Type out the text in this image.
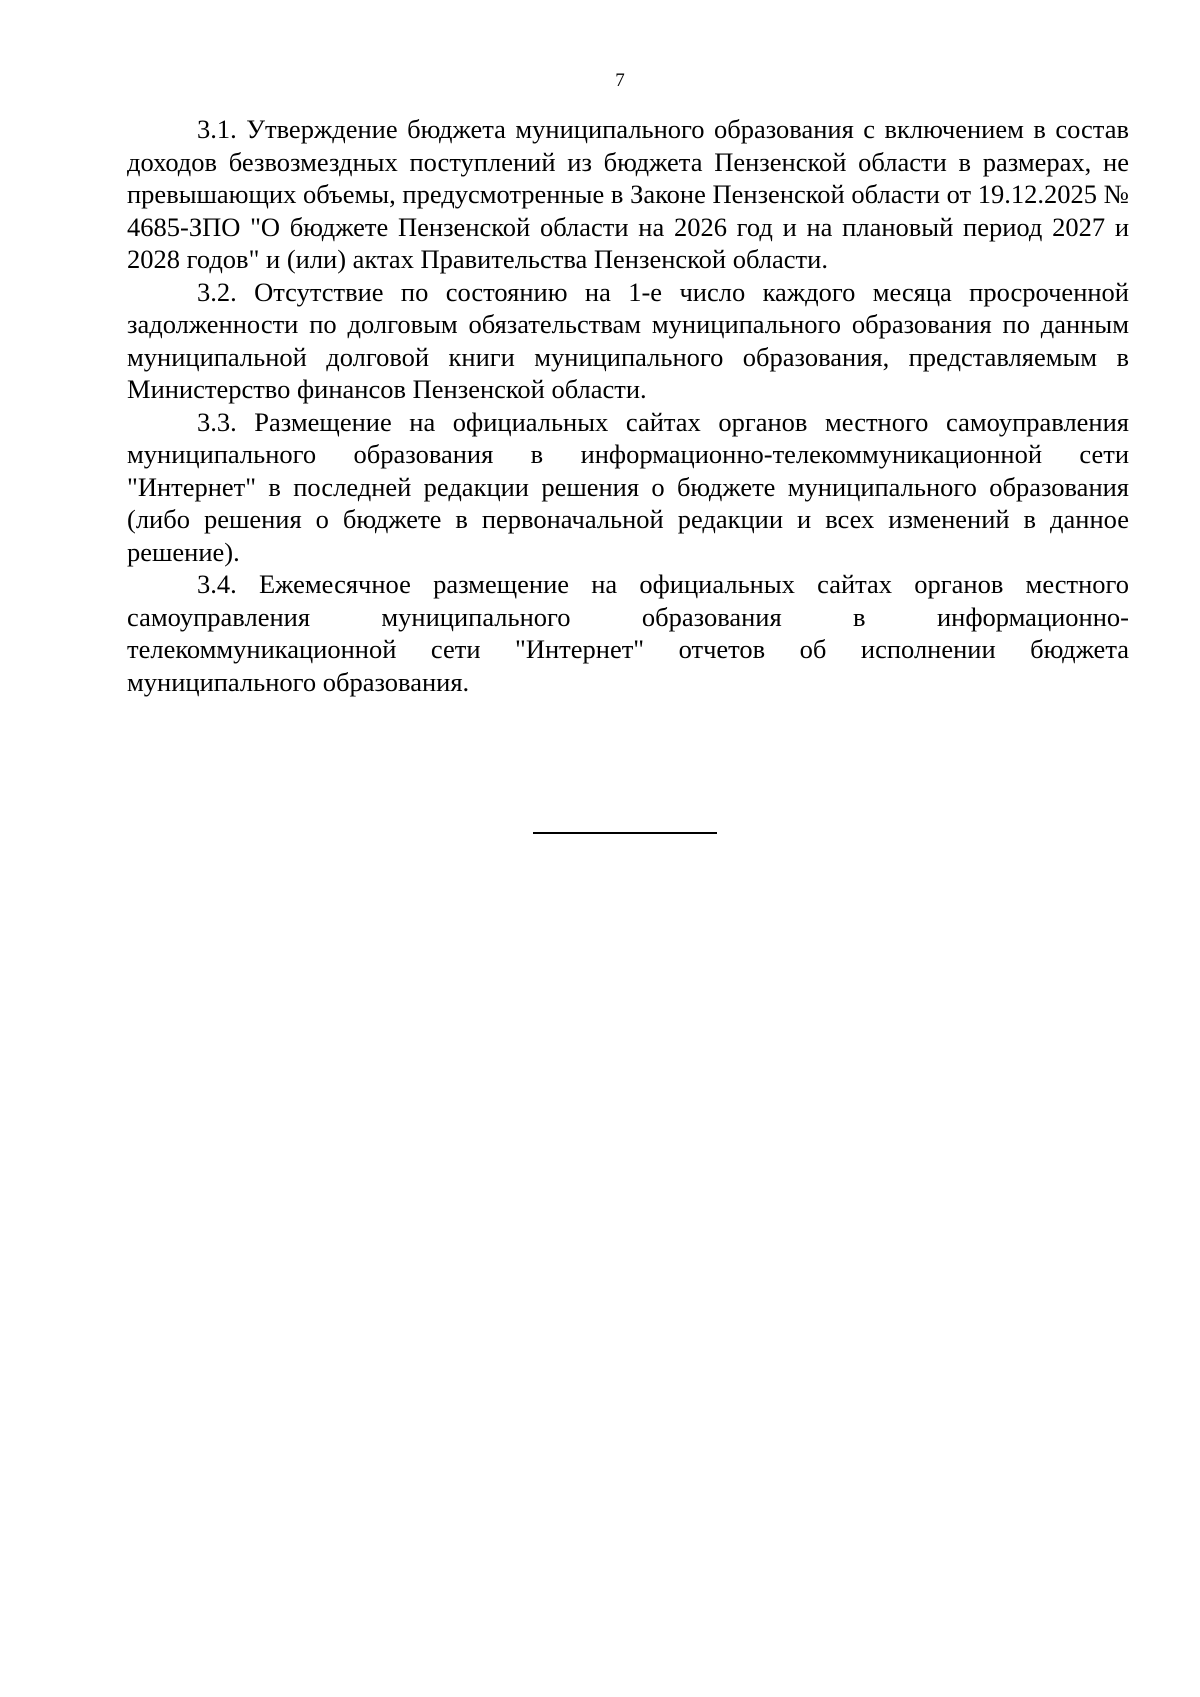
7

3.1. Утверждение бюджета муниципального образования с включением в состав доходов безвозмездных поступлений из бюджета Пензенской области в размерах, не превышающих объемы, предусмотренные в Законе Пензенской области от 19.12.2025 № 4685-ЗПО "О бюджете Пензенской области на 2026 год и на плановый период 2027 и 2028 годов" и (или) актах Правительства Пензенской области.

3.2. Отсутствие по состоянию на 1-е число каждого месяца просроченной задолженности по долговым обязательствам муниципального образования по данным муниципальной долговой книги муниципального образования, представляемым в Министерство финансов Пензенской области.

3.3. Размещение на официальных сайтах органов местного самоуправления муниципального образования в информационно-телекоммуникационной сети "Интернет" в последней редакции решения о бюджете муниципального образования (либо решения о бюджете в первоначальной редакции и всех изменений в данное решение).

3.4. Ежемесячное размещение на официальных сайтах органов местного самоуправления муниципального образования в информационно-телекоммуникационной сети "Интернет" отчетов об исполнении бюджета муниципального образования.
